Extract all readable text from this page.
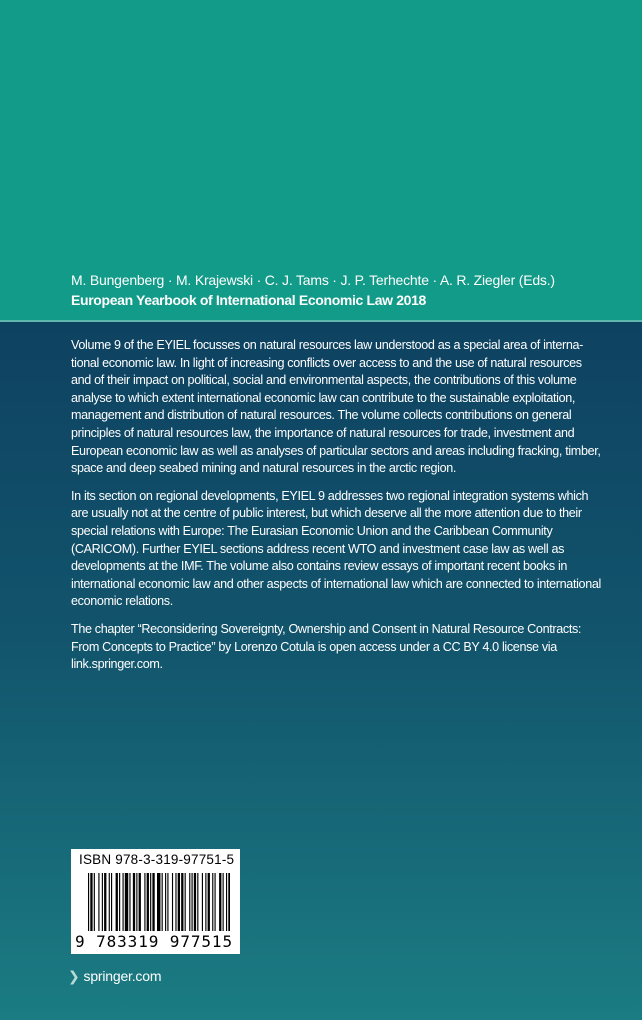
M. Bungenberg · M. Krajewski · C. J. Tams · J. P. Terhechte · A. R. Ziegler (Eds.)
European Yearbook of International Economic Law 2018

Volume 9 of the EYIEL focusses on natural resources law understood as a special area of international economic law. In light of increasing conflicts over access to and the use of natural resources and of their impact on political, social and environmental aspects, the contributions of this volume analyse to which extent international economic law can contribute to the sustainable exploitation, management and distribution of natural resources. The volume collects contributions on general principles of natural resources law, the importance of natural resources for trade, investment and European economic law as well as analyses of particular sectors and areas including fracking, timber, space and deep seabed mining and natural resources in the arctic region.

In its section on regional developments, EYIEL 9 addresses two regional integration systems which are usually not at the centre of public interest, but which deserve all the more attention due to their special relations with Europe: The Eurasian Economic Union and the Caribbean Community (CARICOM). Further EYIEL sections address recent WTO and investment case law as well as developments at the IMF. The volume also contains review essays of important recent books in international economic law and other aspects of international law which are connected to international economic relations.

The chapter “Reconsidering Sovereignty, Ownership and Consent in Natural Resource Contracts: From Concepts to Practice” by Lorenzo Cotula is open access under a CC BY 4.0 license via link.springer.com.

ISBN 978-3-319-97751-5
9 783319 977515
❯ springer.com
